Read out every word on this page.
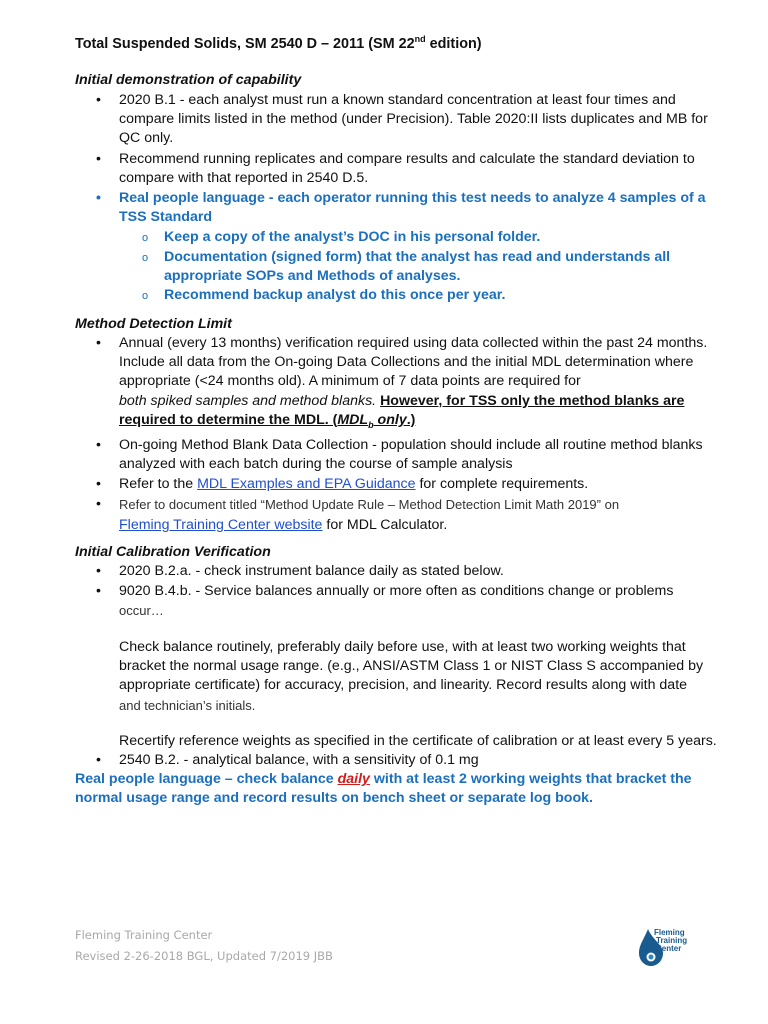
Total Suspended Solids, SM 2540 D – 2011 (SM 22nd edition)
Initial demonstration of capability
• 2020 B.1 - each analyst must run a known standard concentration at least four times and compare limits listed in the method (under Precision). Table 2020:II lists duplicates and MB for QC only.
• Recommend running replicates and compare results and calculate the standard deviation to compare with that reported in 2540 D.5.
• Real people language - each operator running this test needs to analyze 4 samples of a TSS Standard
o Keep a copy of the analyst’s DOC in his personal folder.
o Documentation (signed form) that the analyst has read and understands all appropriate SOPs and Methods of analyses.
o Recommend backup analyst do this once per year.
Method Detection Limit
• Annual (every 13 months) verification required using data collected within the past 24 months. Include all data from the On-going Data Collections and the initial MDL determination where appropriate (<24 months old). A minimum of 7 data points are required for
both spiked samples and method blanks. However, for TSS only the method blanks are required to determine the MDL. ($MDL_b$ only.)
• On-going Method Blank Data Collection - population should include all routine method blanks analyzed with each batch during the course of sample analysis
• Refer to the MDL Examples and EPA Guidance for complete requirements.
• Refer to document titled “Method Update Rule – Method Detection Limit Math 2019” on
Fleming Training Center website for MDL Calculator.
Initial Calibration Verification
• 2020 B.2.a. - check instrument balance daily as stated below.
• 9020 B.4.b. - Service balances annually or more often as conditions change or problems
occur…
Check balance routinely, preferably daily before use, with at least two working weights that bracket the normal usage range. (e.g., ANSI/ASTM Class 1 or NIST Class S accompanied by appropriate certificate) for accuracy, precision, and linearity. Record results along with date
and technician’s initials.
Recertify reference weights as specified in the certificate of calibration or at least every 5 years.
• 2540 B.2. - analytical balance, with a sensitivity of 0.1 mg
Real people language – check balance daily with at least 2 working weights that bracket the normal usage range and record results on bench sheet or separate log book.
Fleming Training Center
Revised 2-26-2018 BGL, Updated 7/2019 JBB
Fleming
Training
Center
